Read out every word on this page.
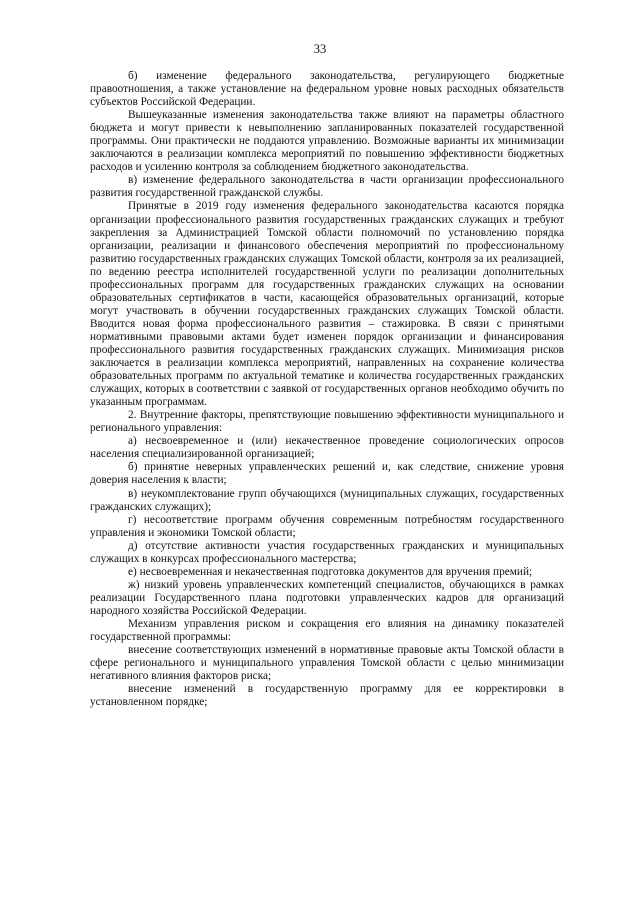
33

б) изменение федерального законодательства, регулирующего бюджетные правоотношения, а также установление на федеральном уровне новых расходных обязательств субъектов Российской Федерации.

Вышеуказанные изменения законодательства также влияют на параметры областного бюджета и могут привести к невыполнению запланированных показателей государственной программы. Они практически не поддаются управлению. Возможные варианты их минимизации заключаются в реализации комплекса мероприятий по повышению эффективности бюджетных расходов и усилению контроля за соблюдением бюджетного законодательства.

в) изменение федерального законодательства в части организации профессионального развития государственной гражданской службы.

Принятые в 2019 году изменения федерального законодательства касаются порядка организации профессионального развития государственных гражданских служащих и требуют закрепления за Администрацией Томской области полномочий по установлению порядка организации, реализации и финансового обеспечения мероприятий по профессиональному развитию государственных гражданских служащих Томской области, контроля за их реализацией, по ведению реестра исполнителей государственной услуги по реализации дополнительных профессиональных программ для государственных гражданских служащих на основании образовательных сертификатов в части, касающейся образовательных организаций, которые могут участвовать в обучении государственных гражданских служащих Томской области. Вводится новая форма профессионального развития – стажировка. В связи с принятыми нормативными правовыми актами будет изменен порядок организации и финансирования профессионального развития государственных гражданских служащих. Минимизация рисков заключается в реализации комплекса мероприятий, направленных на сохранение количества образовательных программ по актуальной тематике и количества государственных гражданских служащих, которых в соответствии с заявкой от государственных органов необходимо обучить по указанным программам.

2. Внутренние факторы, препятствующие повышению эффективности муниципального и регионального управления:

а) несвоевременное и (или) некачественное проведение социологических опросов населения специализированной организацией;

б) принятие неверных управленческих решений и, как следствие, снижение уровня доверия населения к власти;

в) неукомплектование групп обучающихся (муниципальных служащих, государственных гражданских служащих);

г) несоответствие программ обучения современным потребностям государственного управления и экономики Томской области;

д) отсутствие активности участия государственных гражданских и муниципальных служащих в конкурсах профессионального мастерства;

е) несвоевременная и некачественная подготовка документов для вручения премий;

ж) низкий уровень управленческих компетенций специалистов, обучающихся в рамках реализации Государственного плана подготовки управленческих кадров для организаций народного хозяйства Российской Федерации.

Механизм управления риском и сокращения его влияния на динамику показателей государственной программы:

внесение соответствующих изменений в нормативные правовые акты Томской области в сфере регионального и муниципального управления Томской области с целью минимизации негативного влияния факторов риска;

внесение изменений в государственную программу для ее корректировки в установленном порядке;
